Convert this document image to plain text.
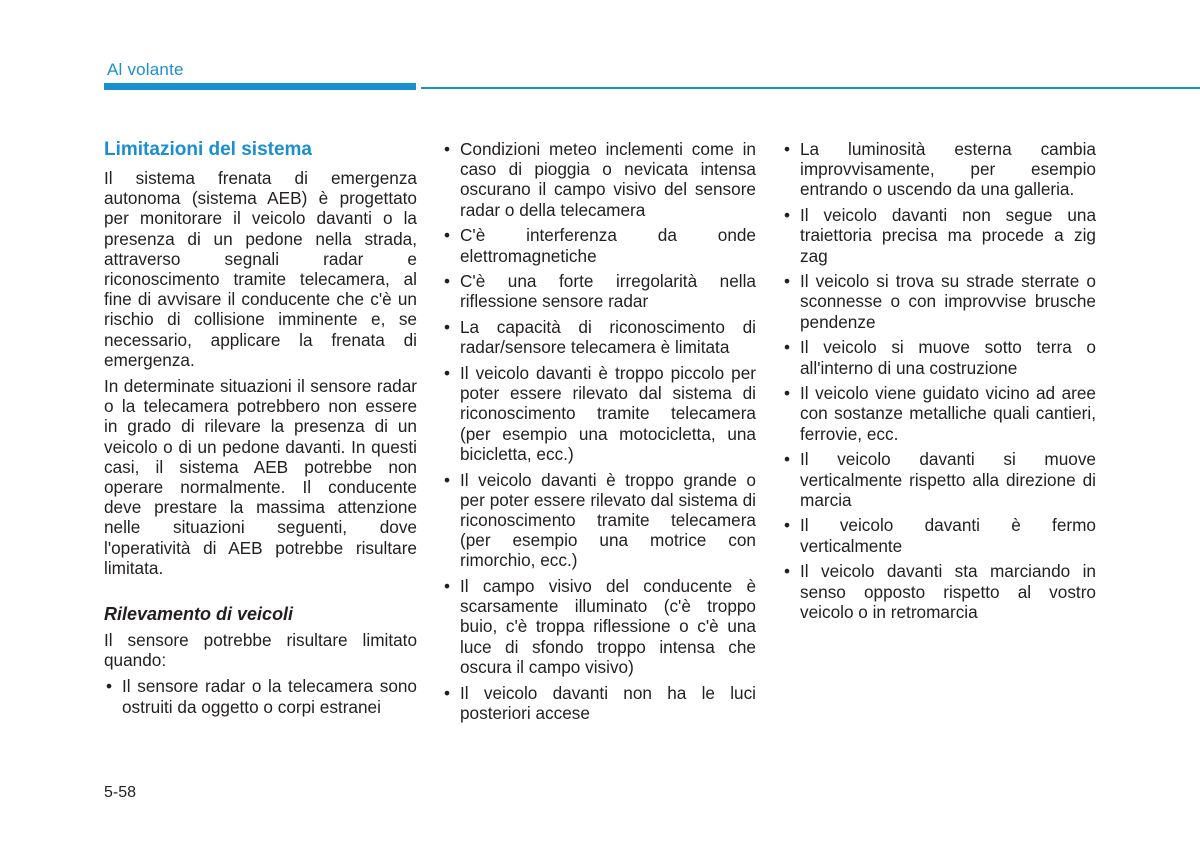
Al volante
Limitazioni del sistema

Il sistema frenata di emergenza autonoma (sistema AEB) è progettato per monitorare il veicolo davanti o la presenza di un pedone nella strada, attraverso segnali radar e riconoscimento tramite telecamera, al fine di avvisare il conducente che c'è un rischio di collisione imminente e, se necessario, applicare la frenata di emergenza.

In determinate situazioni il sensore radar o la telecamera potrebbero non essere in grado di rilevare la presenza di un veicolo o di un pedone davanti. In questi casi, il sistema AEB potrebbe non operare normalmente. Il conducente deve prestare la massima attenzione nelle situazioni seguenti, dove l'operatività di AEB potrebbe risultare limitata.

Rilevamento di veicoli

Il sensore potrebbe risultare limitato quando:

• Il sensore radar o la telecamera sono ostruiti da oggetto o corpi estranei
• Condizioni meteo inclementi come in caso di pioggia o nevicata intensa oscurano il campo visivo del sensore radar o della telecamera
• C'è interferenza da onde elettromagnetiche
• C'è una forte irregolarità nella riflessione sensore radar
• La capacità di riconoscimento di radar/sensore telecamera è limitata
• Il veicolo davanti è troppo piccolo per poter essere rilevato dal sistema di riconoscimento tramite telecamera (per esempio una motocicletta, una bicicletta, ecc.)
• Il veicolo davanti è troppo grande o per poter essere rilevato dal sistema di riconoscimento tramite telecamera (per esempio una motrice con rimorchio, ecc.)
• Il campo visivo del conducente è scarsamente illuminato (c'è troppo buio, c'è troppa riflessione o c'è una luce di sfondo troppo intensa che oscura il campo visivo)
• Il veicolo davanti non ha le luci posteriori accese
• La luminosità esterna cambia improvvisamente, per esempio entrando o uscendo da una galleria.
• Il veicolo davanti non segue una traiettoria precisa ma procede a zig zag
• Il veicolo si trova su strade sterrate o sconnesse o con improvvise brusche pendenze
• Il veicolo si muove sotto terra o all'interno di una costruzione
• Il veicolo viene guidato vicino ad aree con sostanze metalliche quali cantieri, ferrovie, ecc.
• Il veicolo davanti si muove verticalmente rispetto alla direzione di marcia
• Il veicolo davanti è fermo verticalmente
• Il veicolo davanti sta marciando in senso opposto rispetto al vostro veicolo o in retromarcia
5-58
